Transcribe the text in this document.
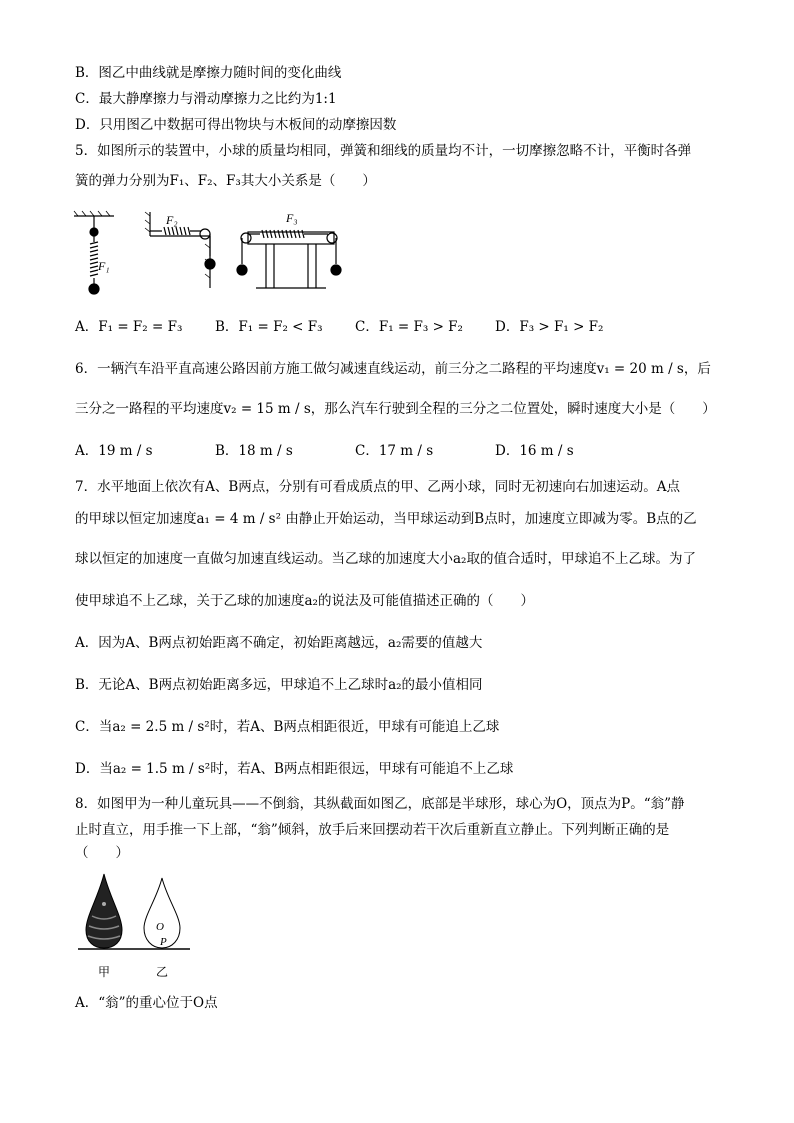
B．图乙中曲线就是摩擦力随时间的变化曲线
C．最大静摩擦力与滑动摩擦力之比约为1:1
D．只用图乙中数据可得出物块与木板间的动摩擦因数
5．如图所示的装置中，小球的质量均相同，弹簧和细线的质量均不计，一切摩擦忽略不计，平衡时各弹
簧的弹力分别为F₁、F₂、F₃其大小关系是（　　）
F₁
F₂	F₃
A．F₁ = F₂ = F₃	B．F₁ = F₂ < F₃	C．F₁ = F₃ > F₂	D．F₃ > F₁ > F₂
6．一辆汽车沿平直高速公路因前方施工做匀减速直线运动，前三分之二路程的平均速度v₁ = 20 m / s，后
三分之一路程的平均速度v₂ = 15 m / s，那么汽车行驶到全程的三分之二位置处，瞬时速度大小是（　　）
A．19 m / s	B．18 m / s	C．17 m / s	D．16 m / s
7．水平地面上依次有A、B两点，分别有可看成质点的甲、乙两小球，同时无初速向右加速运动。A点
的甲球以恒定加速度a₁ = 4 m / s² 由静止开始运动，当甲球运动到B点时，加速度立即减为零。B点的乙
球以恒定的加速度一直做匀加速直线运动。当乙球的加速度大小a₂取的值合适时，甲球追不上乙球。为了
使甲球追不上乙球，关于乙球的加速度a₂的说法及可能值描述正确的（　　）
A．因为A、B两点初始距离不确定，初始距离越远，a₂需要的值越大
B．无论A、B两点初始距离多远，甲球追不上乙球时a₂的最小值相同
C．当a₂ = 2.5 m / s²时，若A、B两点相距很近，甲球有可能追上乙球
D．当a₂ = 1.5 m / s²时，若A、B两点相距很远，甲球有可能追不上乙球
8．如图甲为一种儿童玩具——不倒翁，其纵截面如图乙，底部是半球形，球心为O，顶点为P。“翁”静
止时直立，用手推一下上部，“翁”倾斜，放手后来回摆动若干次后重新直立静止。下列判断正确的是
（　　）
O
P
甲	乙
A．“翁”的重心位于O点
